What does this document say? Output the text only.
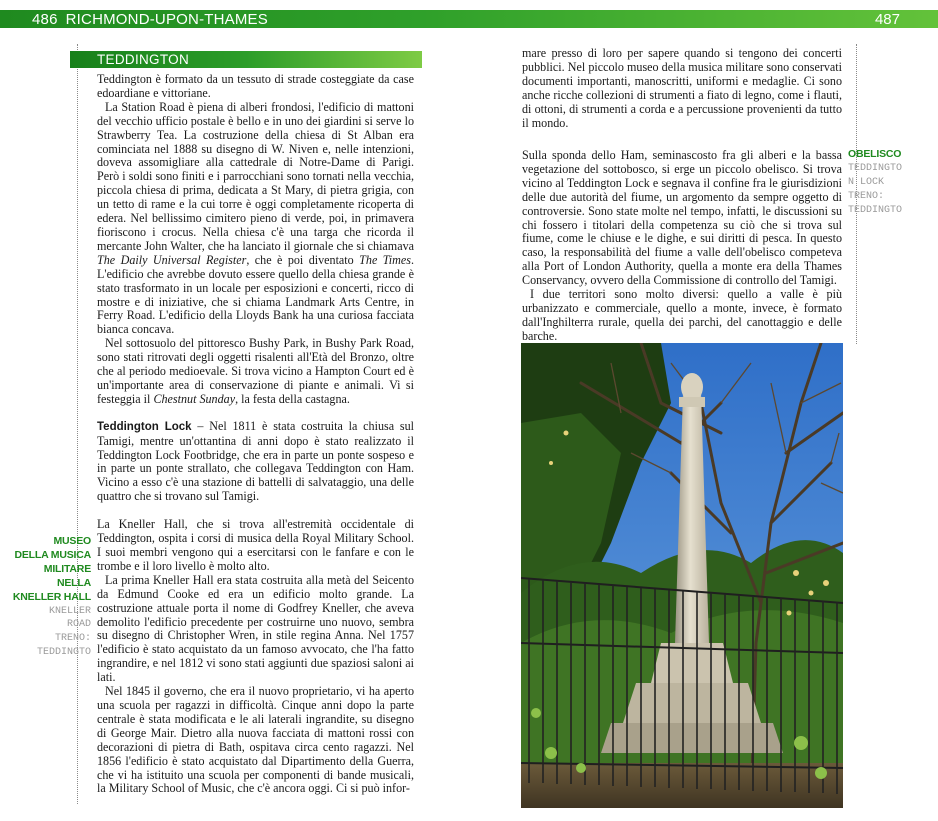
486 RICHMOND-UPON-THAMES	487
TEDDINGTON

Teddington è formato da un tessuto di strade costeggiate da case edoardiane e vittoriane.

La Station Road è piena di alberi frondosi, l'edificio di mattoni del vecchio ufficio postale è bello e in uno dei giardini si serve lo Strawberry Tea. La costruzione della chiesa di St Alban era cominciata nel 1888 su disegno di W. Niven e, nelle intenzioni, doveva assomigliare alla cattedrale di Notre-Dame di Parigi. Però i soldi sono finiti e i parrocchiani sono tornati nella vecchia, piccola chiesa di prima, dedicata a St Mary, di pietra grigia, con un tetto di rame e la cui torre è oggi completamente ricoperta di edera. Nel bellissimo cimitero pieno di verde, poi, in primavera fioriscono i crocus. Nella chiesa c'è una targa che ricorda il mercante John Walter, che ha lanciato il giornale che si chiamava The Daily Universal Register, che è poi diventato The Times. L'edificio che avrebbe dovuto essere quello della chiesa grande è stato trasformato in un locale per esposizioni e concerti, ricco di mostre e di iniziative, che si chiama Landmark Arts Centre, in Ferry Road. L'edificio della Lloyds Bank ha una curiosa facciata bianca concava.

Nel sottosuolo del pittoresco Bushy Park, in Bushy Park Road, sono stati ritrovati degli oggetti risalenti all'Età del Bronzo, oltre che al periodo medioevale. Si trova vicino a Hampton Court ed è un'importante area di conservazione di piante e animali. Vi si festeggia il Chestnut Sunday, la festa della castagna.

Teddington Lock – Nel 1811 è stata costruita la chiusa sul Tamigi, mentre un'ottantina di anni dopo è stato realizzato il Teddington Lock Footbridge, che era in parte un ponte sospeso e in parte un ponte strallato, che collegava Teddington con Ham. Vicino a esso c'è una stazione di battelli di salvataggio, una delle quattro che si trovano sul Tamigi.

La Kneller Hall, che si trova all'estremità occidentale di Teddington, ospita i corsi di musica della Royal Military School. I suoi membri vengono qui a esercitarsi con le fanfare e con le trombe e il loro livello è molto alto.

La prima Kneller Hall era stata costruita alla metà del Seicento da Edmund Cooke ed era un edificio molto grande. La costruzione attuale porta il nome di Godfrey Kneller, che aveva demolito l'edificio precedente per costruirne uno nuovo, sembra su disegno di Christopher Wren, in stile regina Anna. Nel 1757 l'edificio è stato acquistato da un famoso avvocato, che l'ha fatto ingrandire, e nel 1812 vi sono stati aggiunti due spaziosi saloni ai lati.

Nel 1845 il governo, che era il nuovo proprietario, vi ha aperto una scuola per ragazzi in difficoltà. Cinque anni dopo la parte centrale è stata modificata e le ali laterali ingrandite, su disegno di George Mair. Dietro alla nuova facciata di mattoni rossi con decorazioni di pietra di Bath, ospitava circa cento ragazzi. Nel 1856 l'edificio è stato acquistato dal Dipartimento della Guerra, che vi ha istituito una scuola per componenti di bande musicali, la Military School of Music, che c'è ancora oggi. Ci si può infor-

MUSEO
DELLA MUSICA
MILITARE NELLA
KNELLER HALL
KNELLER
ROAD
TRENO:
TEDDINGTO

mare presso di loro per sapere quando si tengono dei concerti pubblici. Nel piccolo museo della musica militare sono conservati documenti importanti, manoscritti, uniformi e medaglie. Ci sono anche ricche collezioni di strumenti a fiato di legno, come i flauti, di ottoni, di strumenti a corda e a percussione provenienti da tutto il mondo.

Sulla sponda dello Ham, seminascosto fra gli alberi e la bassa vegetazione del sottobosco, si erge un piccolo obelisco. Si trova vicino al Teddington Lock e segnava il confine fra le giurisdizioni delle due autorità del fiume, un argomento da sempre oggetto di controversie. Sono state molte nel tempo, infatti, le discussioni su chi fossero i titolari della competenza su ciò che si trova sul fiume, come le chiuse e le dighe, e sui diritti di pesca. In questo caso, la responsabilità del fiume a valle dell'obelisco competeva alla Port of London Authority, quella a monte era della Thames Conservancy, ovvero della Commissione di controllo del Tamigi.

I due territori sono molto diversi: quello a valle è più urbanizzato e commerciale, quello a monte, invece, è formato dall'Inghilterra rurale, quella dei parchi, del canottaggio e delle barche.

OBELISCO
TEDDINGTO
N LOCK
TRENO:
TEDDINGTO
